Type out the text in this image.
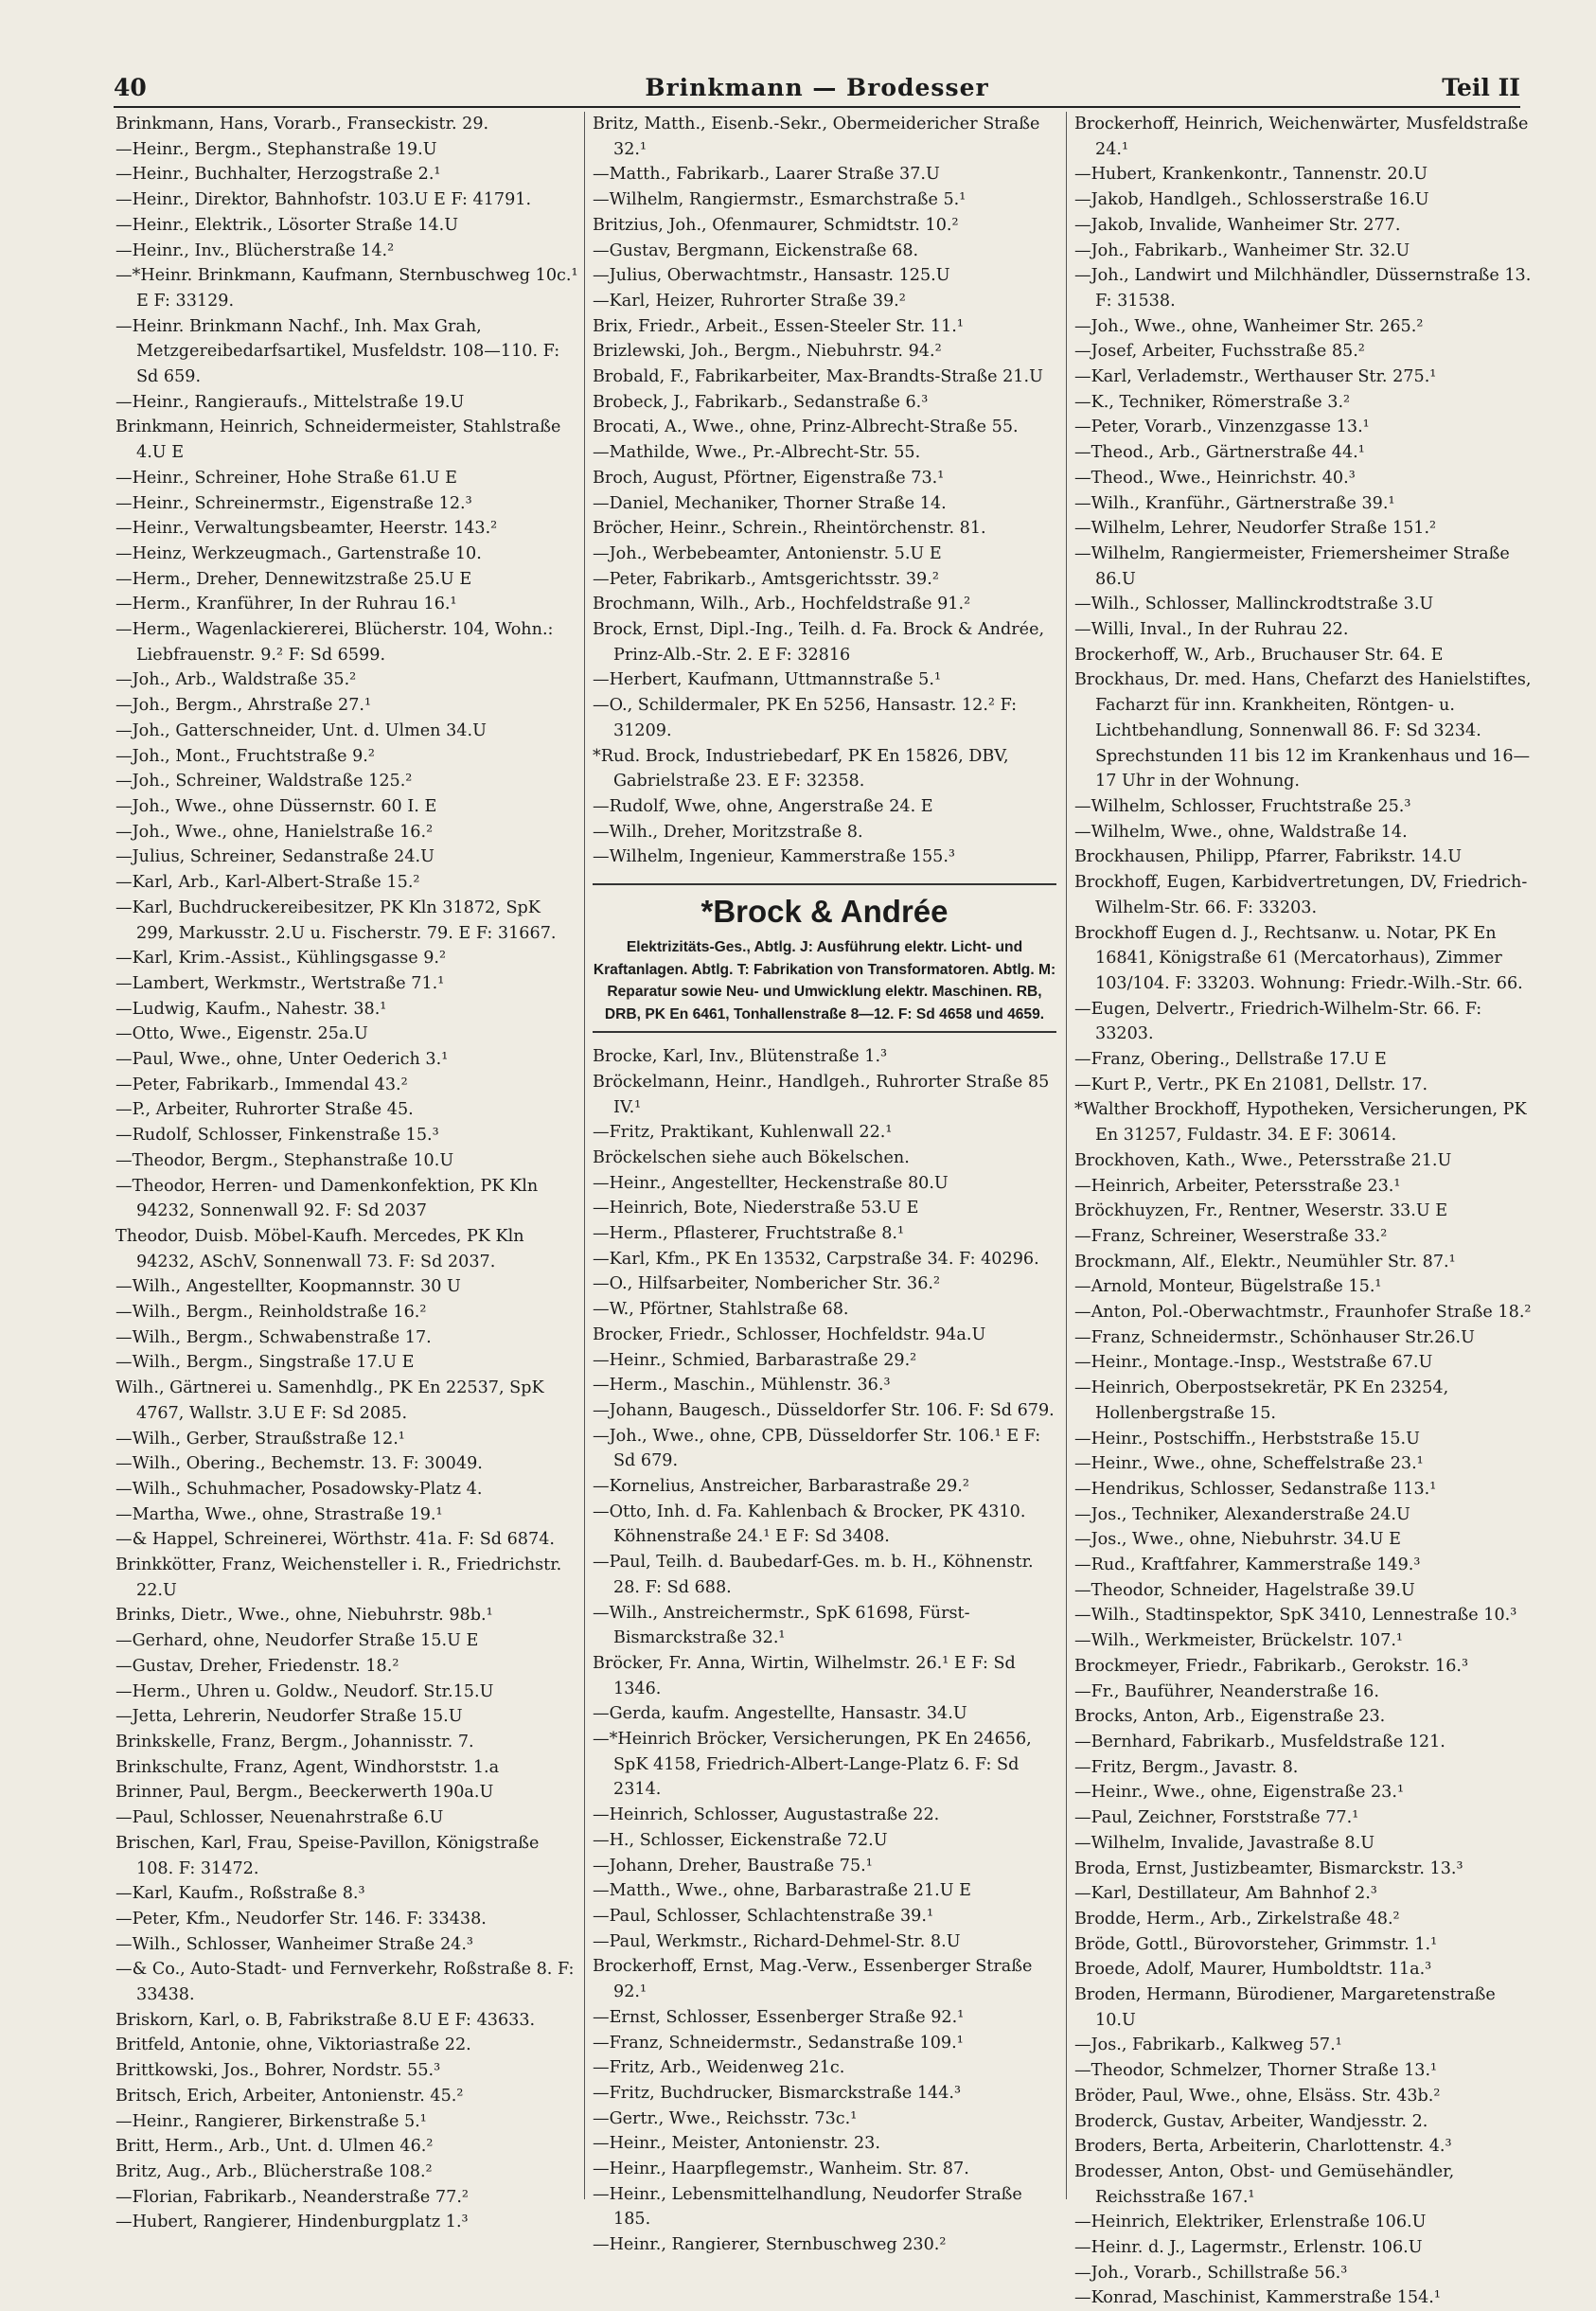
40	Brinkmann — Brodesser	Teil II
Brinkmann, Hans, Vorarb., Franseckistr. 29.
—Heinr., Bergm., Stephanstraße 19.U
—Heinr., Buchhalter, Herzogstraße 2.¹
—Heinr., Direktor, Bahnhofstr. 103.U E F: 41791.
—Heinr., Elektrik., Lösorter Straße 14.U
—Heinr., Inv., Blücherstraße 14.²
—*Heinr. Brinkmann, Kaufmann, Sternbuschweg 10c.¹ E F: 33129.
—Heinr. Brinkmann Nachf., Inh. Max Grah, Metzgereibedarfsartikel, Musfeldstr. 108—110. F: Sd 659.
—Heinr., Rangieraufs., Mittelstraße 19.U
Brinkmann, Heinrich, Schneidermeister, Stahlstraße 4.U E
—Heinr., Schreiner, Hohe Straße 61.U E
—Heinr., Schreinermstr., Eigenstraße 12.³
—Heinr., Verwaltungsbeamter, Heerstr. 143.²
—Heinz, Werkzeugmach., Gartenstraße 10.
—Herm., Dreher, Dennewitzstraße 25.U E
—Herm., Kranführer, In der Ruhrau 16.¹
—Herm., Wagenlackiererei, Blücherstr. 104, Wohn.: Liebfrauenstr. 9.² F: Sd 6599.
—Joh., Arb., Waldstraße 35.²
—Joh., Bergm., Ahrstraße 27.¹
—Joh., Gatterschneider, Unt. d. Ulmen 34.U
—Joh., Mont., Fruchtstraße 9.²
—Joh., Schreiner, Waldstraße 125.²
—Joh., Wwe., ohne Düssernstr. 60 I. E
—Joh., Wwe., ohne, Hanielstraße 16.²
—Julius, Schreiner, Sedanstraße 24.U
—Karl, Arb., Karl-Albert-Straße 15.²
—Karl, Buchdruckereibesitzer, PK Kln 31872, SpK 299, Markusstr. 2.U u. Fischerstr. 79. E F: 31667.
—Karl, Krim.-Assist., Kühlingsgasse 9.²
—Lambert, Werkmstr., Wertstraße 71.¹
—Ludwig, Kaufm., Nahestr. 38.¹
—Otto, Wwe., Eigenstr. 25a.U
—Paul, Wwe., ohne, Unter Oederich 3.¹
—Peter, Fabrikarb., Immendal 43.²
—P., Arbeiter, Ruhrorter Straße 45.
—Rudolf, Schlosser, Finkenstraße 15.³
—Theodor, Bergm., Stephanstraße 10.U
—Theodor, Herren- und Damenkonfektion, PK Kln 94232, Sonnenwall 92. F: Sd 2037
Theodor, Duisb. Möbel-Kaufh. Mercedes, PK Kln 94232, ASchV, Sonnenwall 73. F: Sd 2037.
—Wilh., Angestellter, Koopmannstr. 30 U
—Wilh., Bergm., Reinholdstraße 16.²
—Wilh., Bergm., Schwabenstraße 17.
—Wilh., Bergm., Singstraße 17.U E
Wilh., Gärtnerei u. Samenhdlg., PK En 22537, SpK 4767, Wallstr. 3.U E F: Sd 2085.
—Wilh., Gerber, Straußstraße 12.¹
—Wilh., Obering., Bechemstr. 13. F: 30049.
—Wilh., Schuhmacher, Posadowsky-Platz 4.
—Martha, Wwe., ohne, Strastraße 19.¹
—& Happel, Schreinerei, Wörthstr. 41a. F: Sd 6874.
Brinkkötter, Franz, Weichensteller i. R., Friedrichstr. 22.U
Brinks, Dietr., Wwe., ohne, Niebuhrstr. 98b.¹
—Gerhard, ohne, Neudorfer Straße 15.U E
—Gustav, Dreher, Friedenstr. 18.²
—Herm., Uhren u. Goldw., Neudorf. Str.15.U
—Jetta, Lehrerin, Neudorfer Straße 15.U
Brinkskelle, Franz, Bergm., Johannisstr. 7.
Brinkschulte, Franz, Agent, Windhorststr. 1.a
Brinner, Paul, Bergm., Beeckerwerth 190a.U
—Paul, Schlosser, Neuenahrstraße 6.U
Brischen, Karl, Frau, Speise-Pavillon, Königstraße 108. F: 31472.
—Karl, Kaufm., Roßstraße 8.³
—Peter, Kfm., Neudorfer Str. 146. F: 33438.
—Wilh., Schlosser, Wanheimer Straße 24.³
—& Co., Auto-Stadt- und Fernverkehr, Roßstraße 8. F: 33438.
Briskorn, Karl, o. B, Fabrikstraße 8.U E F: 43633.
Britfeld, Antonie, ohne, Viktoriastraße 22.
Brittkowski, Jos., Bohrer, Nordstr. 55.³
Britsch, Erich, Arbeiter, Antonienstr. 45.²
—Heinr., Rangierer, Birkenstraße 5.¹
Britt, Herm., Arb., Unt. d. Ulmen 46.²
Britz, Aug., Arb., Blücherstraße 108.²
—Florian, Fabrikarb., Neanderstraße 77.²
—Hubert, Rangierer, Hindenburgplatz 1.³
Britz, Matth., Eisenb.-Sekr., Obermeidericher Straße 32.¹
—Matth., Fabrikarb., Laarer Straße 37.U
—Wilhelm, Rangiermstr., Esmarchstraße 5.¹
Britzius, Joh., Ofenmaurer, Schmidtstr. 10.²
—Gustav, Bergmann, Eickenstraße 68.
—Julius, Oberwachtmstr., Hansastr. 125.U
—Karl, Heizer, Ruhrorter Straße 39.²
Brix, Friedr., Arbeit., Essen-Steeler Str. 11.¹
Brizlewski, Joh., Bergm., Niebuhrstr. 94.²
Brobald, F., Fabrikarbeiter, Max-Brandts-Straße 21.U
Brobeck, J., Fabrikarb., Sedanstraße 6.³
Brocati, A., Wwe., ohne, Prinz-Albrecht-Straße 55.
—Mathilde, Wwe., Pr.-Albrecht-Str. 55.
Broch, August, Pförtner, Eigenstraße 73.¹
—Daniel, Mechaniker, Thorner Straße 14.
Bröcher, Heinr., Schrein., Rheintörchenstr. 81.
—Joh., Werbebeamter, Antonienstr. 5.U E
—Peter, Fabrikarb., Amtsgerichtsstr. 39.²
Brochmann, Wilh., Arb., Hochfeldstraße 91.²
Brock, Ernst, Dipl.-Ing., Teilh. d. Fa. Brock & Andrée, Prinz-Alb.-Str. 2. E F: 32816
—Herbert, Kaufmann, Uttmannstraße 5.¹
—O., Schildermaler, PK En 5256, Hansastr. 12.² F: 31209.
*Rud. Brock, Industriebedarf, PK En 15826, DBV, Gabrielstraße 23. E F: 32358.
—Rudolf, Wwe, ohne, Angerstraße 24. E
—Wilh., Dreher, Moritzstraße 8.
—Wilhelm, Ingenieur, Kammerstraße 155.³
*Brock & Andrée
Elektrizitäts-Ges., Abtlg. J: Ausführung elektr. Licht- und Kraftanlagen. Abtlg. T: Fabrikation von Transformatoren. Abtlg. M: Reparatur sowie Neu- und Umwicklung elektr. Maschinen. RB, DRB, PK En 6461, Tonhallenstraße 8—12. F: Sd 4658 und 4659.
Brocke, Karl, Inv., Blütenstraße 1.³
Bröckelmann, Heinr., Handlgeh., Ruhrorter Straße 85 IV.¹
—Fritz, Praktikant, Kuhlenwall 22.¹
Bröckelschen siehe auch Bökelschen.
—Heinr., Angestellter, Heckenstraße 80.U
—Heinrich, Bote, Niederstraße 53.U E
—Herm., Pflasterer, Fruchtstraße 8.¹
—Karl, Kfm., PK En 13532, Carpstraße 34. F: 40296.
—O., Hilfsarbeiter, Nombericher Str. 36.²
—W., Pförtner, Stahlstraße 68.
Brocker, Friedr., Schlosser, Hochfeldstr. 94a.U
—Heinr., Schmied, Barbarastraße 29.²
—Herm., Maschin., Mühlenstr. 36.³
—Johann, Baugesch., Düsseldorfer Str. 106. F: Sd 679.
—Joh., Wwe., ohne, CPB, Düsseldorfer Str. 106.¹ E F: Sd 679.
—Kornelius, Anstreicher, Barbarastraße 29.²
—Otto, Inh. d. Fa. Kahlenbach & Brocker, PK 4310. Köhnenstraße 24.¹ E F: Sd 3408.
—Paul, Teilh. d. Baubedarf-Ges. m. b. H., Köhnenstr. 28. F: Sd 688.
—Wilh., Anstreichermstr., SpK 61698, Fürst-Bismarckstraße 32.¹
Bröcker, Fr. Anna, Wirtin, Wilhelmstr. 26.¹ E F: Sd 1346.
—Gerda, kaufm. Angestellte, Hansastr. 34.U
—*Heinrich Bröcker, Versicherungen, PK En 24656, SpK 4158, Friedrich-Albert-Lange-Platz 6. F: Sd 2314.
—Heinrich, Schlosser, Augustastraße 22.
—H., Schlosser, Eickenstraße 72.U
—Johann, Dreher, Baustraße 75.¹
—Matth., Wwe., ohne, Barbarastraße 21.U E
—Paul, Schlosser, Schlachtenstraße 39.¹
—Paul, Werkmstr., Richard-Dehmel-Str. 8.U
Brockerhoff, Ernst, Mag.-Verw., Essenberger Straße 92.¹
—Ernst, Schlosser, Essenberger Straße 92.¹
—Franz, Schneidermstr., Sedanstraße 109.¹
—Fritz, Arb., Weidenweg 21c.
—Fritz, Buchdrucker, Bismarckstraße 144.³
—Gertr., Wwe., Reichsstr. 73c.¹
—Heinr., Meister, Antonienstr. 23.
—Heinr., Haarpflegemstr., Wanheim. Str. 87.
—Heinr., Lebensmittelhandlung, Neudorfer Straße 185.
—Heinr., Rangierer, Sternbuschweg 230.²
Brockerhoff, Heinrich, Weichenwärter, Musfeldstraße 24.¹
—Hubert, Krankenkontr., Tannenstr. 20.U
—Jakob, Handlgeh., Schlosserstraße 16.U
—Jakob, Invalide, Wanheimer Str. 277.
—Joh., Fabrikarb., Wanheimer Str. 32.U
—Joh., Landwirt und Milchhändler, Düssernstraße 13. F: 31538.
—Joh., Wwe., ohne, Wanheimer Str. 265.²
—Josef, Arbeiter, Fuchsstraße 85.²
—Karl, Verlademstr., Werthauser Str. 275.¹
—K., Techniker, Römerstraße 3.²
—Peter, Vorarb., Vinzenzgasse 13.¹
—Theod., Arb., Gärtnerstraße 44.¹
—Theod., Wwe., Heinrichstr. 40.³
—Wilh., Kranführ., Gärtnerstraße 39.¹
—Wilhelm, Lehrer, Neudorfer Straße 151.²
—Wilhelm, Rangiermeister, Friemersheimer Straße 86.U
—Wilh., Schlosser, Mallinckrodtstraße 3.U
—Willi, Inval., In der Ruhrau 22.
Brockerhoff, W., Arb., Bruchauser Str. 64. E
Brockhaus, Dr. med. Hans, Chefarzt des Hanielstiftes, Facharzt für inn. Krankheiten, Röntgen- u. Lichtbehandlung, Sonnenwall 86. F: Sd 3234. Sprechstunden 11 bis 12 im Krankenhaus und 16—17 Uhr in der Wohnung.
—Wilhelm, Schlosser, Fruchtstraße 25.³
—Wilhelm, Wwe., ohne, Waldstraße 14.
Brockhausen, Philipp, Pfarrer, Fabrikstr. 14.U
Brockhoff, Eugen, Karbidvertretungen, DV, Friedrich-Wilhelm-Str. 66. F: 33203.
Brockhoff Eugen d. J., Rechtsanw. u. Notar, PK En 16841, Königstraße 61 (Mercatorhaus), Zimmer 103/104. F: 33203. Wohnung: Friedr.-Wilh.-Str. 66.
—Eugen, Delvertr., Friedrich-Wilhelm-Str. 66. F: 33203.
—Franz, Obering., Dellstraße 17.U E
—Kurt P., Vertr., PK En 21081, Dellstr. 17.
*Walther Brockhoff, Hypotheken, Versicherungen, PK En 31257, Fuldastr. 34. E F: 30614.
Brockhoven, Kath., Wwe., Petersstraße 21.U
—Heinrich, Arbeiter, Petersstraße 23.¹
Bröckhuyzen, Fr., Rentner, Weserstr. 33.U E
—Franz, Schreiner, Weserstraße 33.²
Brockmann, Alf., Elektr., Neumühler Str. 87.¹
—Arnold, Monteur, Bügelstraße 15.¹
—Anton, Pol.-Oberwachtmstr., Fraunhofer Straße 18.²
—Franz, Schneidermstr., Schönhauser Str.26.U
—Heinr., Montage.-Insp., Weststraße 67.U
—Heinrich, Oberpostsekretär, PK En 23254, Hollenbergstraße 15.
—Heinr., Postschiffn., Herbststraße 15.U
—Heinr., Wwe., ohne, Scheffelstraße 23.¹
—Hendrikus, Schlosser, Sedanstraße 113.¹
—Jos., Techniker, Alexanderstraße 24.U
—Jos., Wwe., ohne, Niebuhrstr. 34.U E
—Rud., Kraftfahrer, Kammerstraße 149.³
—Theodor, Schneider, Hagelstraße 39.U
—Wilh., Stadtinspektor, SpK 3410, Lennestraße 10.³
—Wilh., Werkmeister, Brückelstr. 107.¹
Brockmeyer, Friedr., Fabrikarb., Gerokstr. 16.³
—Fr., Bauführer, Neanderstraße 16.
Brocks, Anton, Arb., Eigenstraße 23.
—Bernhard, Fabrikarb., Musfeldstraße 121.
—Fritz, Bergm., Javastr. 8.
—Heinr., Wwe., ohne, Eigenstraße 23.¹
—Paul, Zeichner, Forststraße 77.¹
—Wilhelm, Invalide, Javastraße 8.U
Broda, Ernst, Justizbeamter, Bismarckstr. 13.³
—Karl, Destillateur, Am Bahnhof 2.³
Brodde, Herm., Arb., Zirkelstraße 48.²
Bröde, Gottl., Bürovorsteher, Grimmstr. 1.¹
Broede, Adolf, Maurer, Humboldtstr. 11a.³
Broden, Hermann, Bürodiener, Margaretenstraße 10.U
—Jos., Fabrikarb., Kalkweg 57.¹
—Theodor, Schmelzer, Thorner Straße 13.¹
Bröder, Paul, Wwe., ohne, Elsäss. Str. 43b.²
Broderck, Gustav, Arbeiter, Wandjesstr. 2.
Broders, Berta, Arbeiterin, Charlottenstr. 4.³
Brodesser, Anton, Obst- und Gemüsehändler, Reichsstraße 167.¹
—Heinrich, Elektriker, Erlenstraße 106.U
—Heinr. d. J., Lagermstr., Erlenstr. 106.U
—Joh., Vorarb., Schillstraße 56.³
—Konrad, Maschinist, Kammerstraße 154.¹
